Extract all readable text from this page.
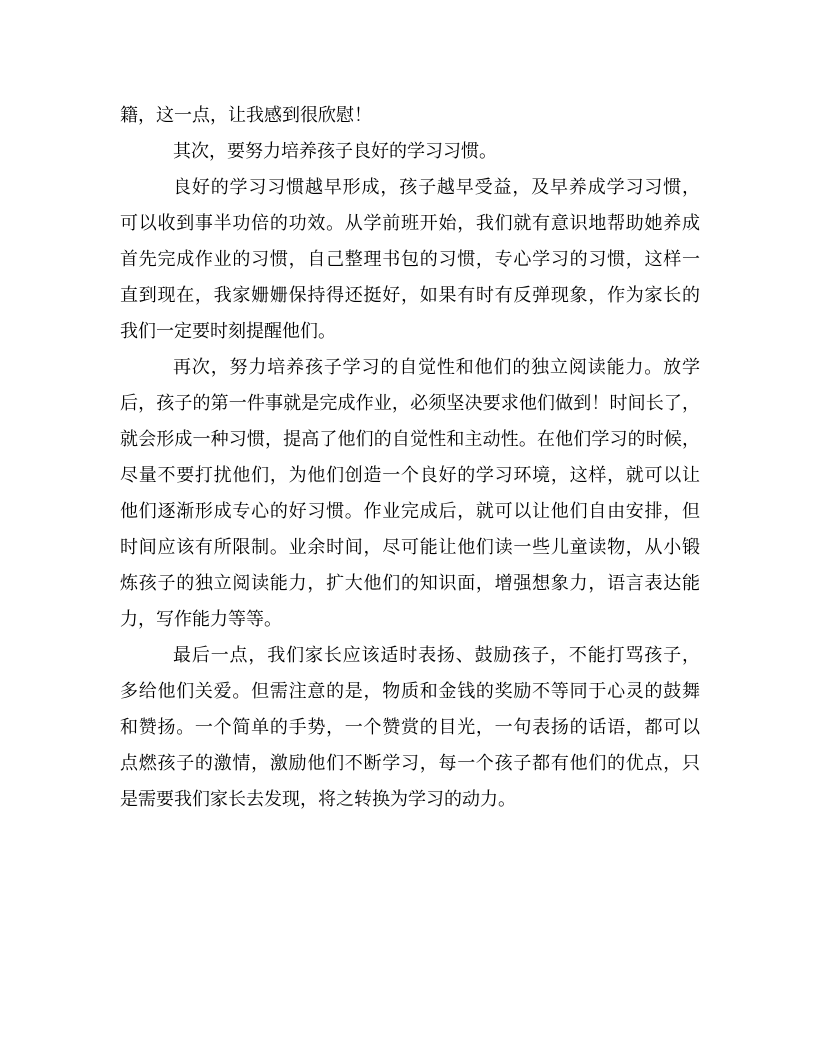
籍，这一点，让我感到很欣慰！
其次，要努力培养孩子良好的学习习惯。
良好的学习习惯越早形成，孩子越早受益，及早养成学习习惯，
可以收到事半功倍的功效。从学前班开始，我们就有意识地帮助她养成
首先完成作业的习惯，自己整理书包的习惯，专心学习的习惯，这样一
直到现在，我家姗姗保持得还挺好，如果有时有反弹现象，作为家长的
我们一定要时刻提醒他们。
再次，努力培养孩子学习的自觉性和他们的独立阅读能力。放学
后，孩子的第一件事就是完成作业，必须坚决要求他们做到！时间长了，
就会形成一种习惯，提高了他们的自觉性和主动性。在他们学习的时候，
尽量不要打扰他们，为他们创造一个良好的学习环境，这样，就可以让
他们逐渐形成专心的好习惯。作业完成后，就可以让他们自由安排，但
时间应该有所限制。业余时间，尽可能让他们读一些儿童读物，从小锻
炼孩子的独立阅读能力，扩大他们的知识面，增强想象力，语言表达能
力，写作能力等等。
最后一点，我们家长应该适时表扬、鼓励孩子，不能打骂孩子，
多给他们关爱。但需注意的是，物质和金钱的奖励不等同于心灵的鼓舞
和赞扬。一个简单的手势，一个赞赏的目光，一句表扬的话语，都可以
点燃孩子的激情，激励他们不断学习，每一个孩子都有他们的优点，只
是需要我们家长去发现，将之转换为学习的动力。
